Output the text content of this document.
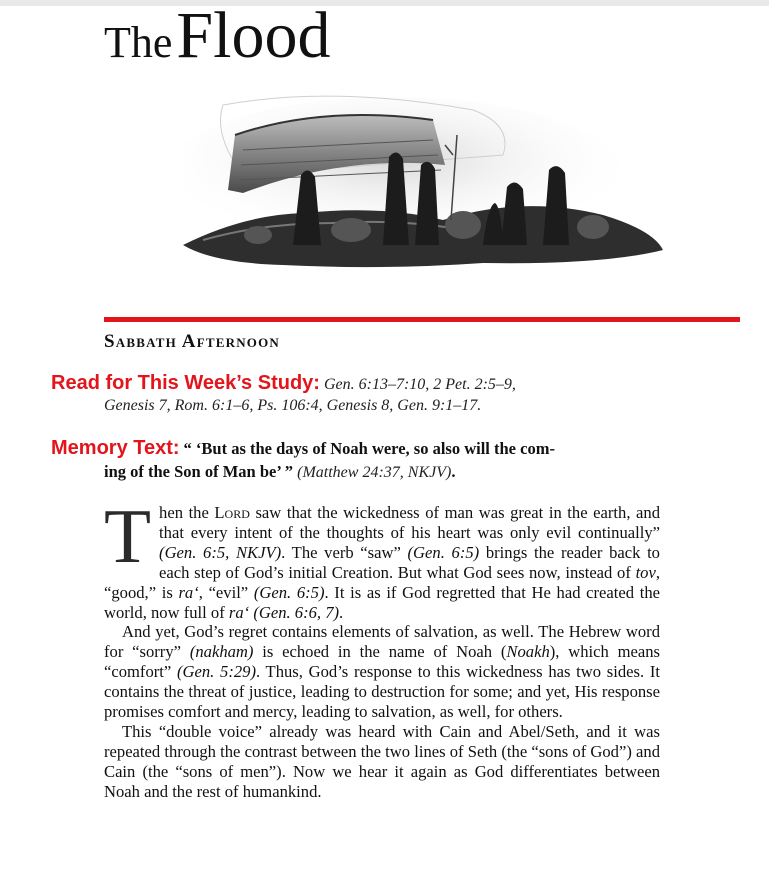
The Flood
Sabbath Afternoon
Read for This Week’s Study: Gen. 6:13–7:10, 2 Pet. 2:5–9,
Genesis 7, Rom. 6:1–6, Ps. 106:4, Genesis 8, Gen. 9:1–17.
Memory Text: “ ‘But as the days of Noah were, so also will the com-
ing of the Son of Man be’ ” (Matthew 24:37, NKJV).

Then the Lord saw that the wickedness of man was great in the earth, and that every intent of the thoughts of his heart was only evil continually” (Gen. 6:5, NKJV). The verb “saw” (Gen. 6:5) brings the reader back to each step of God’s initial Creation. But what God sees now, instead of tov, “good,” is ra‘, “evil” (Gen. 6:5). It is as if God regretted that He had created the world, now full of ra‘ (Gen. 6:6, 7).

And yet, God’s regret contains elements of salvation, as well. The Hebrew word for “sorry” (nakham) is echoed in the name of Noah (Noakh), which means “comfort” (Gen. 5:29). Thus, God’s response to this wickedness has two sides. It contains the threat of justice, leading to destruction for some; and yet, His response promises comfort and mercy, leading to salvation, as well, for others.

This “double voice” already was heard with Cain and Abel/Seth, and it was repeated through the contrast between the two lines of Seth (the “sons of God”) and Cain (the “sons of men”). Now we hear it again as God differentiates between Noah and the rest of humankind.
